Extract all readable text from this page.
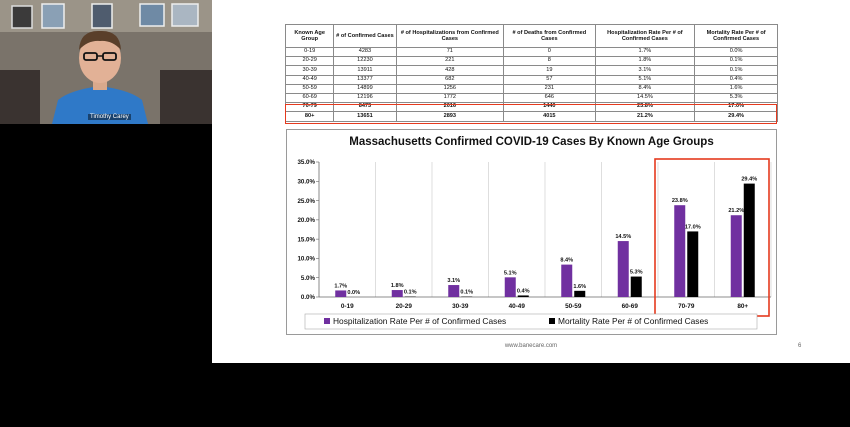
Timothy Carey
Known Age Group	# of Confirmed Cases	# of Hospitalizations from Confirmed Cases	# of Deaths from Confirmed Cases	Hospitalization Rate Per # of Confirmed Cases	Mortality Rate Per # of Confirmed Cases
0-19	4283	71	0	1.7%	0.0%
20-29	12230	221	8	1.8%	0.1%
30-39	13911	428	19	3.1%	0.1%
40-49	13377	682	57	5.1%	0.4%
50-59	14899	1256	231	8.4%	1.6%
60-69	12196	1772	646	14.5%	5.3%
70-79	8473	2016	1440	23.8%	17.0%
80+	13651	2893	4015	21.2%	29.4%
Massachusetts Confirmed COVID-19 Cases By Known Age Groups
0.0%
5.0%
10.0%
15.0%
20.0%
25.0%
30.0%
35.0%
1.7%
0.0%
0-19
1.8%
0.1%
20-29
3.1%
0.1%
30-39
5.1%
0.4%
40-49
8.4%
1.6%
50-59
14.5%
5.3%
60-69
23.8%
17.0%
70-79
21.2%
29.4%
80+
Hospitalization Rate Per # of Confirmed Cases	Mortality Rate Per # of Confirmed Cases
www.banecare.com	6
